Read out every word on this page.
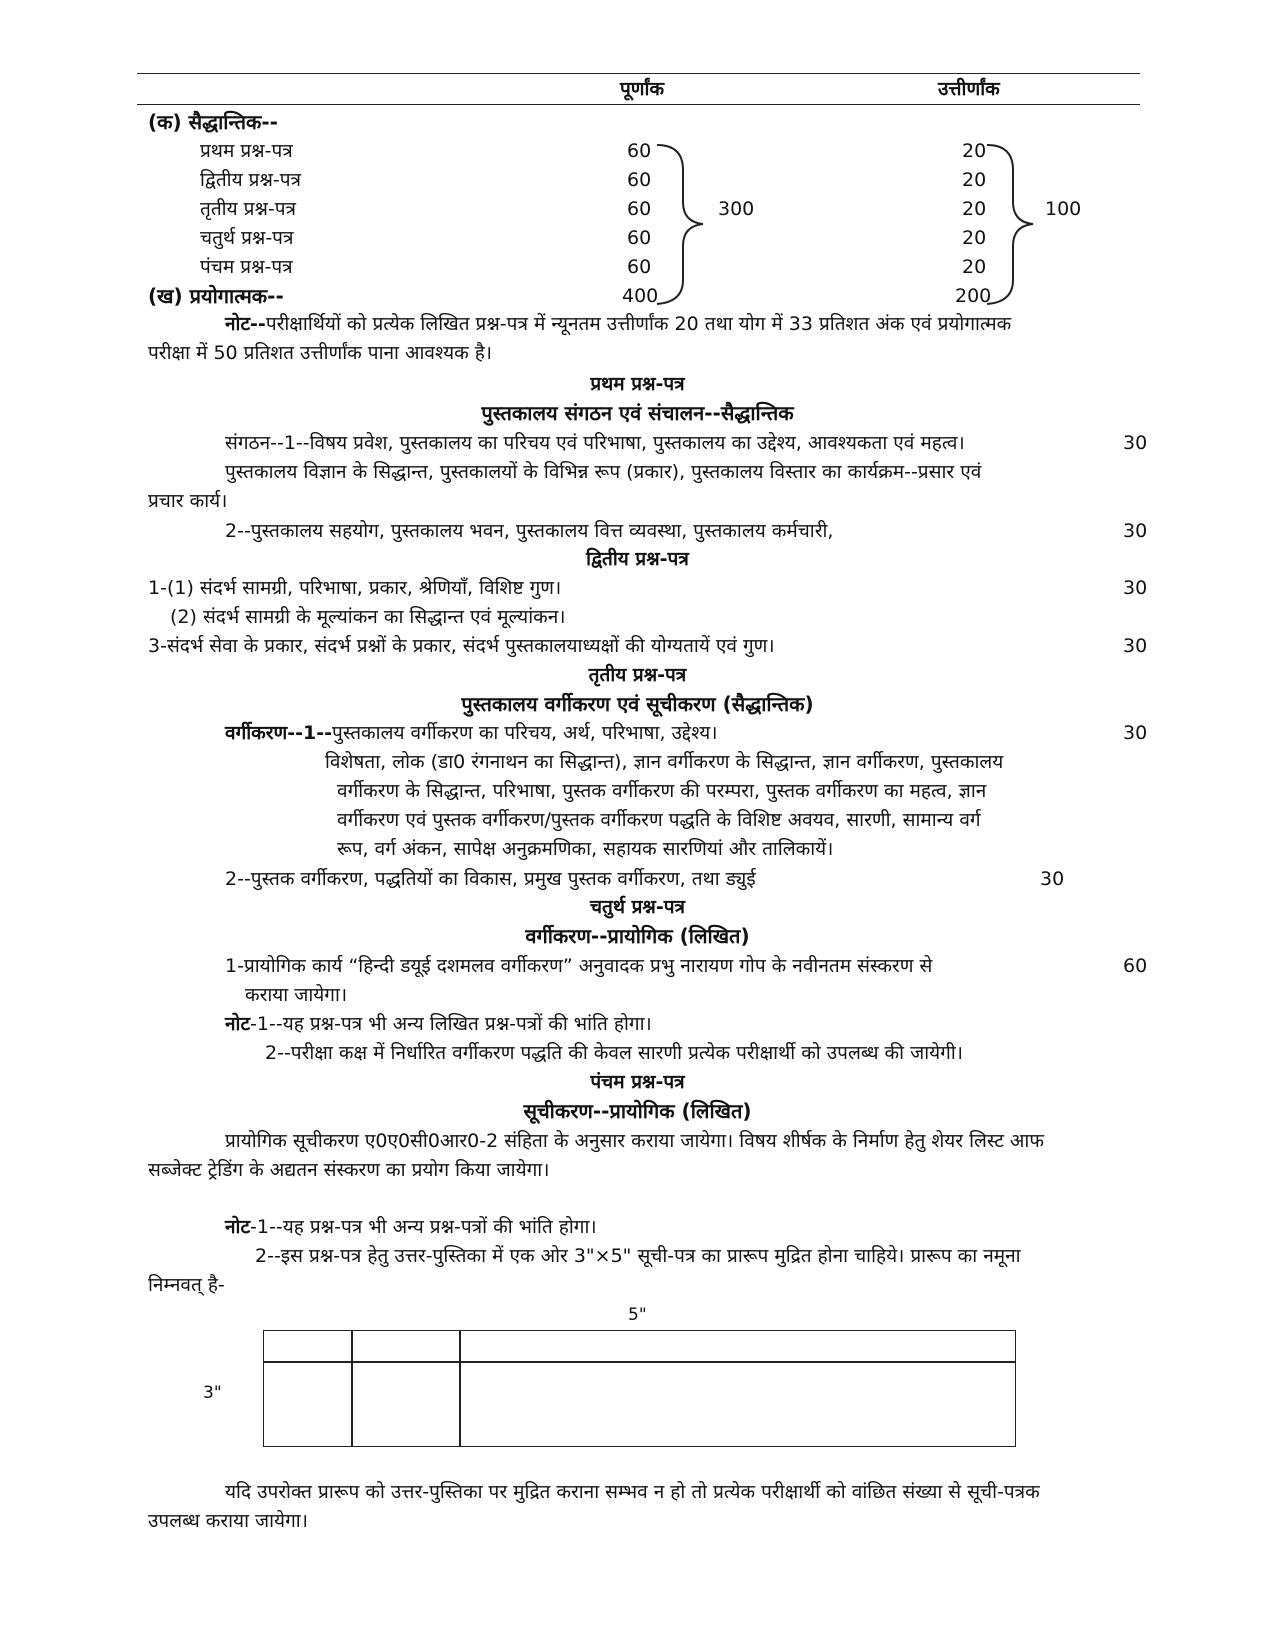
पूर्णांक	उत्तीर्णांक
(क) सैद्धान्तिक--
प्रथम प्रश्न-पत्र	60	20
द्वितीय प्रश्न-पत्र	60	20
तृतीय प्रश्न-पत्र	60	20
चतुर्थ प्रश्न-पत्र	60	20
पंचम प्रश्न-पत्र	60	20
(ख) प्रयोगात्मक--	400	200
300	100
नोट--परीक्षार्थियों को प्रत्येक लिखित प्रश्न-पत्र में न्यूनतम उत्तीर्णांक 20 तथा योग में 33 प्रतिशत अंक एवं प्रयोगात्मक
परीक्षा में 50 प्रतिशत उत्तीर्णांक पाना आवश्यक है।
प्रथम प्रश्न-पत्र
पुस्तकालय संगठन एवं संचालन--सैद्धान्तिक
संगठन--1--विषय प्रवेश, पुस्तकालय का परिचय एवं परिभाषा, पुस्तकालय का उद्देश्य, आवश्यकता एवं महत्व।	30
पुस्तकालय विज्ञान के सिद्धान्त, पुस्तकालयों के विभिन्न रूप (प्रकार), पुस्तकालय विस्तार का कार्यक्रम--प्रसार एवं
प्रचार कार्य।
2--पुस्तकालय सहयोग, पुस्तकालय भवन, पुस्तकालय वित्त व्यवस्था, पुस्तकालय कर्मचारी,	30
द्वितीय प्रश्न-पत्र
1-(1) संदर्भ सामग्री, परिभाषा, प्रकार, श्रेणियाँ, विशिष्ट गुण।	30
(2) संदर्भ सामग्री के मूल्यांकन का सिद्धान्त एवं मूल्यांकन।
3-संदर्भ सेवा के प्रकार, संदर्भ प्रश्नों के प्रकार, संदर्भ पुस्तकालयाध्यक्षों की योग्यतायें एवं गुण।	30
तृतीय प्रश्न-पत्र
पुस्तकालय वर्गीकरण एवं सूचीकरण (सैद्धान्तिक)
वर्गीकरण--1--पुस्तकालय वर्गीकरण का परिचय, अर्थ, परिभाषा, उद्देश्य।	30
विशेषता, लोक (डा0 रंगनाथन का सिद्धान्त), ज्ञान वर्गीकरण के सिद्धान्त, ज्ञान वर्गीकरण, पुस्तकालय
वर्गीकरण के सिद्धान्त, परिभाषा, पुस्तक वर्गीकरण की परम्परा, पुस्तक वर्गीकरण का महत्व, ज्ञान
वर्गीकरण एवं पुस्तक वर्गीकरण/पुस्तक वर्गीकरण पद्धति के विशिष्ट अवयव, सारणी, सामान्य वर्ग
रूप, वर्ग अंकन, सापेक्ष अनुक्रमणिका, सहायक सारणियां और तालिकायें।
2--पुस्तक वर्गीकरण, पद्धतियों का विकास, प्रमुख पुस्तक वर्गीकरण, तथा ड्युई	30
चतुर्थ प्रश्न-पत्र
वर्गीकरण--प्रायोगिक (लिखित)
1-प्रायोगिक कार्य “हिन्दी डयूई दशमलव वर्गीकरण” अनुवादक प्रभु नारायण गोप के नवीनतम संस्करण से	60
कराया जायेगा।
नोट-1--यह प्रश्न-पत्र भी अन्य लिखित प्रश्न-पत्रों की भांति होगा।
2--परीक्षा कक्ष में निर्धारित वर्गीकरण पद्धति की केवल सारणी प्रत्येक परीक्षार्थी को उपलब्ध की जायेगी।
पंचम प्रश्न-पत्र
सूचीकरण--प्रायोगिक (लिखित)
प्रायोगिक सूचीकरण ए0ए0सी0आर0-2 संहिता के अनुसार कराया जायेगा। विषय शीर्षक के निर्माण हेतु शेयर लिस्ट आफ
सब्जेक्ट ट्रेडिंग के अद्यतन संस्करण का प्रयोग किया जायेगा।
नोट-1--यह प्रश्न-पत्र भी अन्य प्रश्न-पत्रों की भांति होगा।
2--इस प्रश्न-पत्र हेतु उत्तर-पुस्तिका में एक ओर 3"×5" सूची-पत्र का प्रारूप मुद्रित होना चाहिये। प्रारूप का नमूना
निम्नवत् है-
5"
3"
यदि उपरोक्त प्रारूप को उत्तर-पुस्तिका पर मुद्रित कराना सम्भव न हो तो प्रत्येक परीक्षार्थी को वांछित संख्या से सूची-पत्रक
उपलब्ध कराया जायेगा।
